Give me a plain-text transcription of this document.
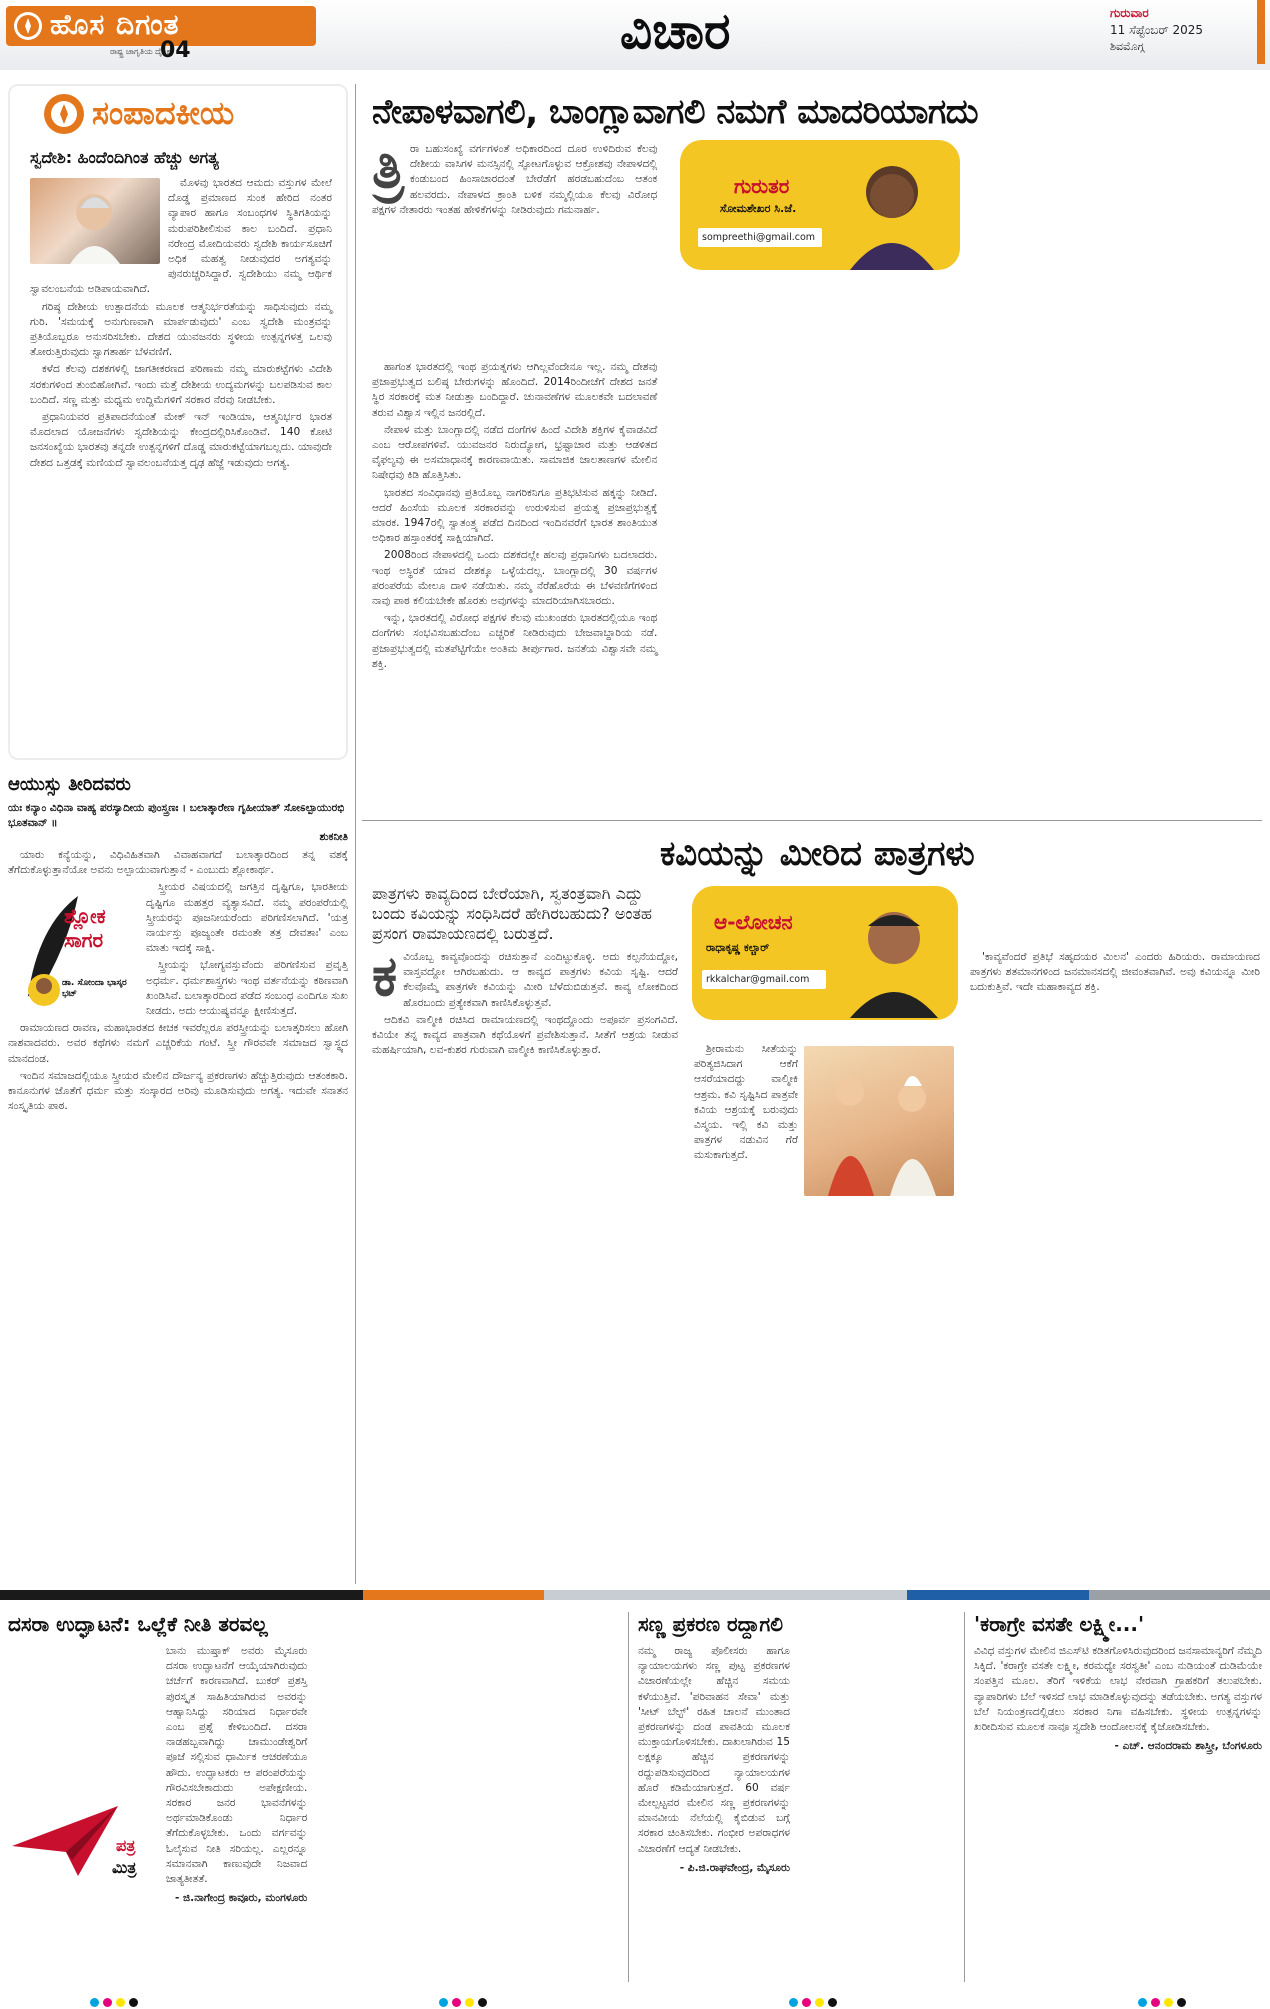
ಹೊಸ ದಿಗಂತ
ರಾಷ್ಟ್ರ ಜಾಗೃತಿಯ ದೈನಿಕ
04	ವಿಚಾರ	ಗುರುವಾರ
11 ಸೆಪ್ಟೆಂಬರ್ 2025
ಶಿವಮೊಗ್ಗ
ಸಂಪಾದಕೀಯ
ಸ್ವದೇಶಿ: ಹಿಂದೆಂದಿಗಿಂತ ಹೆಚ್ಚು ಅಗತ್ಯ

ಮೊಳವು ಭಾರತದ ಆಮದು ವಸ್ತುಗಳ ಮೇಲೆ ದೊಡ್ಡ ಪ್ರಮಾಣದ ಸುಂಕ ಹೇರಿದ ನಂತರ ವ್ಯಾಪಾರ ಹಾಗೂ ಸಂಬಂಧಗಳ ಸ್ಥಿತಿಗತಿಯನ್ನು ಮರುಪರಿಶೀಲಿಸುವ ಕಾಲ ಬಂದಿದೆ. ಪ್ರಧಾನಿ ನರೇಂದ್ರ ಮೋದಿಯವರು ಸ್ವದೇಶಿ ಕಾರ್ಯಸೂಚಿಗೆ ಅಧಿಕ ಮಹತ್ವ ನೀಡುವುದರ ಅಗತ್ಯವನ್ನು ಪುನರುಚ್ಚರಿಸಿದ್ದಾರೆ. ಸ್ವದೇಶಿಯು ನಮ್ಮ ಆರ್ಥಿಕ ಸ್ವಾವಲಂಬನೆಯ ಅಡಿಪಾಯವಾಗಿದೆ.

ಗರಿಷ್ಠ ದೇಶೀಯ ಉತ್ಪಾದನೆಯ ಮೂಲಕ ಆತ್ಮನಿರ್ಭರತೆಯನ್ನು ಸಾಧಿಸುವುದು ನಮ್ಮ ಗುರಿ. 'ಸಮಯಕ್ಕೆ ಅನುಗುಣವಾಗಿ ಮಾರ್ಪಡುವುದು' ಎಂಬ ಸ್ವದೇಶಿ ಮಂತ್ರವನ್ನು ಪ್ರತಿಯೊಬ್ಬರೂ ಅನುಸರಿಸಬೇಕು. ದೇಶದ ಯುವಜನರು ಸ್ಥಳೀಯ ಉತ್ಪನ್ನಗಳತ್ತ ಒಲವು ತೋರುತ್ತಿರುವುದು ಸ್ವಾಗತಾರ್ಹ ಬೆಳವಣಿಗೆ.

ಕಳೆದ ಕೆಲವು ದಶಕಗಳಲ್ಲಿ ಜಾಗತೀಕರಣದ ಪರಿಣಾಮ ನಮ್ಮ ಮಾರುಕಟ್ಟೆಗಳು ವಿದೇಶಿ ಸರಕುಗಳಿಂದ ತುಂಬಿಹೋಗಿವೆ. ಇಂದು ಮತ್ತೆ ದೇಶೀಯ ಉದ್ಯಮಗಳನ್ನು ಬಲಪಡಿಸುವ ಕಾಲ ಬಂದಿದೆ. ಸಣ್ಣ ಮತ್ತು ಮಧ್ಯಮ ಉದ್ದಿಮೆಗಳಿಗೆ ಸರಕಾರ ನೆರವು ನೀಡಬೇಕು.

ಪ್ರಧಾನಿಯವರ ಪ್ರತಿಪಾದನೆಯಂತೆ ಮೇಕ್ ಇನ್ ಇಂಡಿಯಾ, ಆತ್ಮನಿರ್ಭರ ಭಾರತ ಮೊದಲಾದ ಯೋಜನೆಗಳು ಸ್ವದೇಶಿಯನ್ನು ಕೇಂದ್ರದಲ್ಲಿರಿಸಿಕೊಂಡಿವೆ. 140 ಕೋಟಿ ಜನಸಂಖ್ಯೆಯ ಭಾರತವು ತನ್ನದೇ ಉತ್ಪನ್ನಗಳಿಗೆ ದೊಡ್ಡ ಮಾರುಕಟ್ಟೆಯಾಗಬಲ್ಲದು. ಯಾವುದೇ ದೇಶದ ಒತ್ತಡಕ್ಕೆ ಮಣಿಯದೆ ಸ್ವಾವಲಂಬನೆಯತ್ತ ದೃಢ ಹೆಜ್ಜೆ ಇಡುವುದು ಅಗತ್ಯ.

ಆಯುಸ್ಸು ತೀರಿದವರು
ಯಃ ಕನ್ಯಾಂ ವಿಧಿನಾ ವಾಹ್ಯ ಪರಸ್ಯಾದೀಯ ಪುಂಸ್ತ್ರಣಃ । ಬಲಾತ್ಕಾರೇಣ ಗೃಹೀಯಾತ್ ಸೋಽಲ್ಪಾಯುರಭಿ ಭೂತವಾನ್ ॥
ಶುಕನೀತಿ

ಯಾರು ಕನ್ಯೆಯನ್ನು, ವಿಧಿವಿಹಿತವಾಗಿ ವಿವಾಹವಾಗದೆ ಬಲಾತ್ಕಾರದಿಂದ ತನ್ನ ವಶಕ್ಕೆ ತೆಗೆದುಕೊಳ್ಳುತ್ತಾನೆಯೋ ಅವನು ಅಲ್ಪಾಯುವಾಗುತ್ತಾನೆ - ಎಂಬುದು ಶ್ಲೋಕಾರ್ಥ.

ಶ್ಲೋಕ ಸಾಗರ
ಡಾ. ಸೋಂದಾ ಭಾಸ್ಕರ ಭಟ್

ಸ್ತ್ರೀಯರ ವಿಷಯದಲ್ಲಿ ಜಗತ್ತಿನ ದೃಷ್ಟಿಗೂ, ಭಾರತೀಯ ದೃಷ್ಟಿಗೂ ಮಹತ್ತರ ವ್ಯತ್ಯಾಸವಿದೆ. ನಮ್ಮ ಪರಂಪರೆಯಲ್ಲಿ ಸ್ತ್ರೀಯರನ್ನು ಪೂಜನೀಯರೆಂದು ಪರಿಗಣಿಸಲಾಗಿದೆ. 'ಯತ್ರ ನಾರ್ಯಸ್ತು ಪೂಜ್ಯಂತೇ ರಮಂತೇ ತತ್ರ ದೇವತಾಃ' ಎಂಬ ಮಾತು ಇದಕ್ಕೆ ಸಾಕ್ಷಿ.

ಸ್ತ್ರೀಯನ್ನು ಭೋಗ್ಯವಸ್ತುವೆಂದು ಪರಿಗಣಿಸುವ ಪ್ರವೃತ್ತಿ ಅಧರ್ಮ. ಧರ್ಮಶಾಸ್ತ್ರಗಳು ಇಂಥ ವರ್ತನೆಯನ್ನು ಕಠಿಣವಾಗಿ ಖಂಡಿಸಿವೆ. ಬಲಾತ್ಕಾರದಿಂದ ಪಡೆದ ಸಂಬಂಧ ಎಂದಿಗೂ ಸುಖ ನೀಡದು. ಅದು ಆಯುಷ್ಯವನ್ನೂ ಕ್ಷೀಣಿಸುತ್ತದೆ.

ರಾಮಾಯಣದ ರಾವಣ, ಮಹಾಭಾರತದ ಕೀಚಕ ಇವರೆಲ್ಲರೂ ಪರಸ್ತ್ರೀಯನ್ನು ಬಲಾತ್ಕರಿಸಲು ಹೋಗಿ ನಾಶವಾದವರು. ಅವರ ಕಥೆಗಳು ನಮಗೆ ಎಚ್ಚರಿಕೆಯ ಗಂಟೆ. ಸ್ತ್ರೀ ಗೌರವವೇ ಸಮಾಜದ ಸ್ವಾಸ್ಥ್ಯದ ಮಾನದಂಡ.

ಇಂದಿನ ಸಮಾಜದಲ್ಲಿಯೂ ಸ್ತ್ರೀಯರ ಮೇಲಿನ ದೌರ್ಜನ್ಯ ಪ್ರಕರಣಗಳು ಹೆಚ್ಚುತ್ತಿರುವುದು ಆತಂಕಕಾರಿ. ಕಾನೂನುಗಳ ಜೊತೆಗೆ ಧರ್ಮ ಮತ್ತು ಸಂಸ್ಕಾರದ ಅರಿವು ಮೂಡಿಸುವುದು ಅಗತ್ಯ. ಇದುವೇ ಸನಾತನ ಸಂಸ್ಕೃತಿಯ ಪಾಠ.

ನೇಪಾಳವಾಗಲಿ, ಬಾಂಗ್ಲಾವಾಗಲಿ ನಮಗೆ ಮಾದರಿಯಾಗದು
ಗುರುತರ
ಸೋಮಶೇಖರ ಸಿ.ಜೆ.
sompreethi@gmail.com
ತ್ರಿ ರಾ ಬಹುಸಂಖ್ಯೆ ವರ್ಗಗಳಂತೆ ಅಧಿಕಾರದಿಂದ ದೂರ ಉಳಿದಿರುವ ಕೆಲವು ದೇಶೀಯ ವಾಸಿಗಳ ಮನಸ್ಸಿನಲ್ಲಿ ಸ್ಫೋಟಗೊಳ್ಳುವ ಆಕ್ರೋಶವು ನೇಪಾಳದಲ್ಲಿ ಕಂಡುಬಂದ ಹಿಂಸಾಚಾರದಂತೆ ಬೇರೆಡೆಗೆ ಹರಡಬಹುದೆಂಬ ಆತಂಕ ಹಲವರದು. ನೇಪಾಳದ ಕ್ರಾಂತಿ ಬಳಿಕ ನಮ್ಮಲ್ಲಿಯೂ ಕೆಲವು ವಿರೋಧ ಪಕ್ಷಗಳ ನೇತಾರರು ಇಂತಹ ಹೇಳಿಕೆಗಳನ್ನು ನೀಡಿರುವುದು ಗಮನಾರ್ಹ.

ಹಾಗಂತ ಭಾರತದಲ್ಲಿ ಇಂಥ ಪ್ರಯತ್ನಗಳು ಆಗಿಲ್ಲವೆಂದೇನೂ ಇಲ್ಲ. ನಮ್ಮ ದೇಶವು ಪ್ರಜಾಪ್ರಭುತ್ವದ ಬಲಿಷ್ಠ ಬೇರುಗಳನ್ನು ಹೊಂದಿದೆ. 2014ರಿಂದೀಚೆಗೆ ದೇಶದ ಜನತೆ ಸ್ಥಿರ ಸರಕಾರಕ್ಕೆ ಮತ ನೀಡುತ್ತಾ ಬಂದಿದ್ದಾರೆ. ಚುನಾವಣೆಗಳ ಮೂಲಕವೇ ಬದಲಾವಣೆ ತರುವ ವಿಶ್ವಾಸ ಇಲ್ಲಿನ ಜನರಲ್ಲಿದೆ.

ನೇಪಾಳ ಮತ್ತು ಬಾಂಗ್ಲಾದಲ್ಲಿ ನಡೆದ ದಂಗೆಗಳ ಹಿಂದೆ ವಿದೇಶಿ ಶಕ್ತಿಗಳ ಕೈವಾಡವಿದೆ ಎಂಬ ಆರೋಪಗಳಿವೆ. ಯುವಜನರ ನಿರುದ್ಯೋಗ, ಭ್ರಷ್ಟಾಚಾರ ಮತ್ತು ಆಡಳಿತದ ವೈಫಲ್ಯವು ಈ ಅಸಮಾಧಾನಕ್ಕೆ ಕಾರಣವಾಯಿತು. ಸಾಮಾಜಿಕ ಜಾಲತಾಣಗಳ ಮೇಲಿನ ನಿಷೇಧವು ಕಿಡಿ ಹೊತ್ತಿಸಿತು.

ಭಾರತದ ಸಂವಿಧಾನವು ಪ್ರತಿಯೊಬ್ಬ ನಾಗರಿಕನಿಗೂ ಪ್ರತಿಭಟಿಸುವ ಹಕ್ಕನ್ನು ನೀಡಿದೆ. ಆದರೆ ಹಿಂಸೆಯ ಮೂಲಕ ಸರಕಾರವನ್ನು ಉರುಳಿಸುವ ಪ್ರಯತ್ನ ಪ್ರಜಾಪ್ರಭುತ್ವಕ್ಕೆ ಮಾರಕ. 1947ರಲ್ಲಿ ಸ್ವಾತಂತ್ರ್ಯ ಪಡೆದ ದಿನದಿಂದ ಇಂದಿನವರೆಗೆ ಭಾರತ ಶಾಂತಿಯುತ ಅಧಿಕಾರ ಹಸ್ತಾಂತರಕ್ಕೆ ಸಾಕ್ಷಿಯಾಗಿದೆ.

2008ರಿಂದ ನೇಪಾಳದಲ್ಲಿ ಒಂದು ದಶಕದಲ್ಲೇ ಹಲವು ಪ್ರಧಾನಿಗಳು ಬದಲಾದರು. ಇಂಥ ಅಸ್ಥಿರತೆ ಯಾವ ದೇಶಕ್ಕೂ ಒಳ್ಳೆಯದಲ್ಲ. ಬಾಂಗ್ಲಾದಲ್ಲಿ 30 ವರ್ಷಗಳ ಪರಂಪರೆಯ ಮೇಲೂ ದಾಳಿ ನಡೆಯಿತು. ನಮ್ಮ ನೆರೆಹೊರೆಯ ಈ ಬೆಳವಣಿಗೆಗಳಿಂದ ನಾವು ಪಾಠ ಕಲಿಯಬೇಕೇ ಹೊರತು ಅವುಗಳನ್ನು ಮಾದರಿಯಾಗಿಸಬಾರದು.

ಇನ್ನು, ಭಾರತದಲ್ಲಿ ವಿರೋಧ ಪಕ್ಷಗಳ ಕೆಲವು ಮುಖಂಡರು ಭಾರತದಲ್ಲಿಯೂ ಇಂಥ ದಂಗೆಗಳು ಸಂಭವಿಸಬಹುದೆಂಬ ಎಚ್ಚರಿಕೆ ನೀಡಿರುವುದು ಬೇಜವಾಬ್ದಾರಿಯ ನಡೆ. ಪ್ರಜಾಪ್ರಭುತ್ವದಲ್ಲಿ ಮತಪೆಟ್ಟಿಗೆಯೇ ಅಂತಿಮ ತೀರ್ಪುಗಾರ. ಜನತೆಯ ವಿಶ್ವಾಸವೇ ನಮ್ಮ ಶಕ್ತಿ.

ಕವಿಯನ್ನು ಮೀರಿದ ಪಾತ್ರಗಳು
ಪಾತ್ರಗಳು ಕಾವ್ಯದಿಂದ ಬೇರೆಯಾಗಿ, ಸ್ವತಂತ್ರವಾಗಿ ಎದ್ದು ಬಂದು ಕವಿಯನ್ನು ಸಂಧಿಸಿದರೆ ಹೇಗಿರಬಹುದು? ಅಂತಹ ಪ್ರಸಂಗ ರಾಮಾಯಣದಲ್ಲಿ ಬರುತ್ತದೆ.	ಆ-ಲೋಚನ
ರಾಧಾಕೃಷ್ಣ ಕಲ್ಚಾರ್
rkkalchar@gmail.com
ಕ ವಿಯೊಬ್ಬ ಕಾವ್ಯವೊಂದನ್ನು ರಚಿಸುತ್ತಾನೆ ಎಂದಿಟ್ಟುಕೊಳ್ಳಿ. ಅದು ಕಲ್ಪನೆಯದ್ದೋ, ವಾಸ್ತವದ್ದೋ ಆಗಿರಬಹುದು. ಆ ಕಾವ್ಯದ ಪಾತ್ರಗಳು ಕವಿಯ ಸೃಷ್ಟಿ. ಆದರೆ ಕೆಲವೊಮ್ಮೆ ಪಾತ್ರಗಳೇ ಕವಿಯನ್ನು ಮೀರಿ ಬೆಳೆದುಬಿಡುತ್ತವೆ. ಕಾವ್ಯ ಲೋಕದಿಂದ ಹೊರಬಂದು ಪ್ರತ್ಯೇಕವಾಗಿ ಕಾಣಿಸಿಕೊಳ್ಳುತ್ತವೆ.

ಆದಿಕವಿ ವಾಲ್ಮೀಕಿ ರಚಿಸಿದ ರಾಮಾಯಣದಲ್ಲಿ ಇಂಥದ್ದೊಂದು ಅಪೂರ್ವ ಪ್ರಸಂಗವಿದೆ. ಕವಿಯೇ ತನ್ನ ಕಾವ್ಯದ ಪಾತ್ರವಾಗಿ ಕಥೆಯೊಳಗೆ ಪ್ರವೇಶಿಸುತ್ತಾನೆ. ಸೀತೆಗೆ ಆಶ್ರಯ ನೀಡುವ ಮಹರ್ಷಿಯಾಗಿ, ಲವ-ಕುಶರ ಗುರುವಾಗಿ ವಾಲ್ಮೀಕಿ ಕಾಣಿಸಿಕೊಳ್ಳುತ್ತಾರೆ.	ಶ್ರೀರಾಮನು ಸೀತೆಯನ್ನು ಪರಿತ್ಯಜಿಸಿದಾಗ ಆಕೆಗೆ ಆಸರೆಯಾದದ್ದು ವಾಲ್ಮೀಕಿ ಆಶ್ರಮ. ಕವಿ ಸೃಷ್ಟಿಸಿದ ಪಾತ್ರವೇ ಕವಿಯ ಆಶ್ರಯಕ್ಕೆ ಬರುವುದು ವಿಸ್ಮಯ. ಇಲ್ಲಿ ಕವಿ ಮತ್ತು ಪಾತ್ರಗಳ ನಡುವಿನ ಗೆರೆ ಮಸುಕಾಗುತ್ತದೆ.

'ಕಾವ್ಯವೆಂದರೆ ಪ್ರತಿಭೆ ಸಹೃದಯರ ಮಿಲನ' ಎಂದರು ಹಿರಿಯರು. ರಾಮಾಯಣದ ಪಾತ್ರಗಳು ಶತಮಾನಗಳಿಂದ ಜನಮಾನಸದಲ್ಲಿ ಜೀವಂತವಾಗಿವೆ. ಅವು ಕವಿಯನ್ನೂ ಮೀರಿ ಬದುಕುತ್ತಿವೆ. ಇದೇ ಮಹಾಕಾವ್ಯದ ಶಕ್ತಿ.

ದಸರಾ ಉದ್ಘಾಟನೆ: ಒಲ್ಲೆಕೆ ನೀತಿ ತರವಲ್ಲ
ಪತ್ರ
ಮಿತ್ರ
ಬಾನು ಮುಷ್ತಾಕ್ ಅವರು ಮೈಸೂರು ದಸರಾ ಉದ್ಘಾಟನೆಗೆ ಆಯ್ಕೆಯಾಗಿರುವುದು ಚರ್ಚೆಗೆ ಕಾರಣವಾಗಿದೆ. ಬುಕರ್ ಪ್ರಶಸ್ತಿ ಪುರಸ್ಕೃತ ಸಾಹಿತಿಯಾಗಿರುವ ಅವರನ್ನು ಆಹ್ವಾನಿಸಿದ್ದು ಸರಿಯಾದ ನಿರ್ಧಾರವೇ ಎಂಬ ಪ್ರಶ್ನೆ ಕೇಳಿಬಂದಿದೆ. ದಸರಾ ನಾಡಹಬ್ಬವಾಗಿದ್ದು ಚಾಮುಂಡೇಶ್ವರಿಗೆ ಪೂಜೆ ಸಲ್ಲಿಸುವ ಧಾರ್ಮಿಕ ಆಚರಣೆಯೂ ಹೌದು. ಉದ್ಘಾಟಕರು ಆ ಪರಂಪರೆಯನ್ನು ಗೌರವಿಸಬೇಕಾದುದು ಅಪೇಕ್ಷಣೀಯ. ಸರಕಾರ ಜನರ ಭಾವನೆಗಳನ್ನು ಅರ್ಥಮಾಡಿಕೊಂಡು ನಿರ್ಧಾರ ತೆಗೆದುಕೊಳ್ಳಬೇಕು. ಒಂದು ವರ್ಗವನ್ನು ಓಲೈಸುವ ನೀತಿ ಸರಿಯಲ್ಲ. ಎಲ್ಲರನ್ನೂ ಸಮಾನವಾಗಿ ಕಾಣುವುದೇ ನಿಜವಾದ ಜಾತ್ಯತೀತತೆ.
- ಜಿ.ನಾಗೇಂದ್ರ ಕಾವೂರು, ಮಂಗಳೂರು
ಸಣ್ಣ ಪ್ರಕರಣ ರದ್ದಾಗಲಿ
ನಮ್ಮ ರಾಜ್ಯ ಪೊಲೀಸರು ಹಾಗೂ ನ್ಯಾಯಾಲಯಗಳು ಸಣ್ಣ ಪುಟ್ಟ ಪ್ರಕರಣಗಳ ವಿಚಾರಣೆಯಲ್ಲೇ ಹೆಚ್ಚಿನ ಸಮಯ ಕಳೆಯುತ್ತಿವೆ. 'ಪರಿವಾಹನ ಸೇವಾ' ಮತ್ತು 'ಸೀಟ್ ಬೆಲ್ಟ್' ರಹಿತ ಚಾಲನೆ ಮುಂತಾದ ಪ್ರಕರಣಗಳನ್ನು ದಂಡ ಪಾವತಿಯ ಮೂಲಕ ಮುಕ್ತಾಯಗೊಳಿಸಬೇಕು. ದಾಖಲಾಗಿರುವ 15 ಲಕ್ಷಕ್ಕೂ ಹೆಚ್ಚಿನ ಪ್ರಕರಣಗಳನ್ನು ರದ್ದುಪಡಿಸುವುದರಿಂದ ನ್ಯಾಯಾಲಯಗಳ ಹೊರೆ ಕಡಿಮೆಯಾಗುತ್ತದೆ. 60 ವರ್ಷ ಮೇಲ್ಪಟ್ಟವರ ಮೇಲಿನ ಸಣ್ಣ ಪ್ರಕರಣಗಳನ್ನು ಮಾನವೀಯ ನೆಲೆಯಲ್ಲಿ ಕೈಬಿಡುವ ಬಗ್ಗೆ ಸರಕಾರ ಚಿಂತಿಸಬೇಕು. ಗಂಭೀರ ಅಪರಾಧಗಳ ವಿಚಾರಣೆಗೆ ಆದ್ಯತೆ ನೀಡಬೇಕು.
- ಪಿ.ಜಿ.ರಾಘವೇಂದ್ರ, ಮೈಸೂರು
'ಕರಾಗ್ರೇ ವಸತೇ ಲಕ್ಷ್ಮೀ...'
ವಿವಿಧ ವಸ್ತುಗಳ ಮೇಲಿನ ಜಿಎಸ್‌ಟಿ ಕಡಿತಗೊಳಿಸಿರುವುದರಿಂದ ಜನಸಾಮಾನ್ಯರಿಗೆ ನೆಮ್ಮದಿ ಸಿಕ್ಕಿದೆ. 'ಕರಾಗ್ರೇ ವಸತೇ ಲಕ್ಷ್ಮೀ, ಕರಮಧ್ಯೇ ಸರಸ್ವತೀ' ಎಂಬ ನುಡಿಯಂತೆ ದುಡಿಮೆಯೇ ಸಂಪತ್ತಿನ ಮೂಲ. ತೆರಿಗೆ ಇಳಿಕೆಯ ಲಾಭ ನೇರವಾಗಿ ಗ್ರಾಹಕರಿಗೆ ತಲುಪಬೇಕು. ವ್ಯಾಪಾರಿಗಳು ಬೆಲೆ ಇಳಿಸದೆ ಲಾಭ ಮಾಡಿಕೊಳ್ಳುವುದನ್ನು ತಡೆಯಬೇಕು. ಅಗತ್ಯ ವಸ್ತುಗಳ ಬೆಲೆ ನಿಯಂತ್ರಣದಲ್ಲಿಡಲು ಸರಕಾರ ನಿಗಾ ವಹಿಸಬೇಕು. ಸ್ಥಳೀಯ ಉತ್ಪನ್ನಗಳನ್ನು ಖರೀದಿಸುವ ಮೂಲಕ ನಾವೂ ಸ್ವದೇಶಿ ಆಂದೋಲನಕ್ಕೆ ಕೈಜೋಡಿಸಬೇಕು.
- ಎಚ್. ಆನಂದರಾಮ ಶಾಸ್ತ್ರೀ, ಬೆಂಗಳೂರು
